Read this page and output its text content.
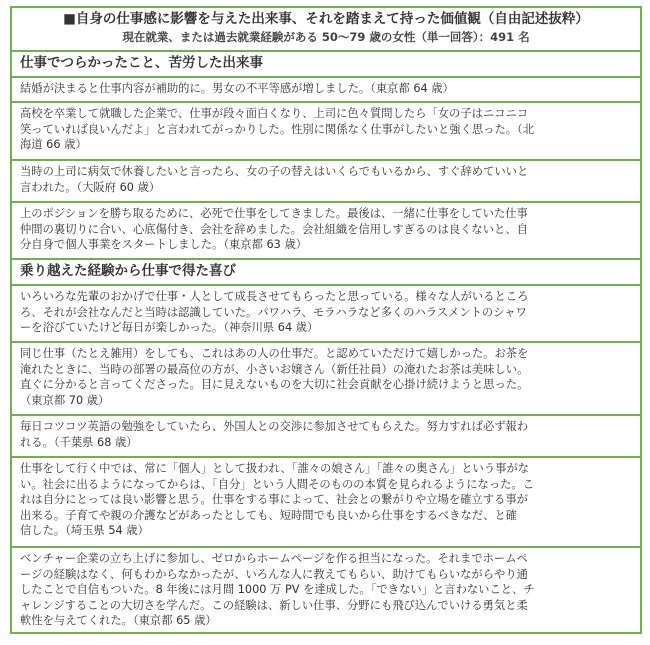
■自身の仕事感に影響を与えた出来事、それを踏まえて持った価値観（自由記述抜粋）
現在就業、または過去就業経験がある 50〜79 歳の女性（単一回答）：491 名
仕事でつらかったこと、苦労した出来事
結婚が決まると仕事内容が補助的に。男女の不平等感が増しました。（東京都 64 歳）
高校を卒業して就職した企業で、仕事が段々面白くなり、上司に色々質問したら「女の子はニコニコ
笑っていれば良いんだよ」と言われてがっかりした。性別に関係なく仕事がしたいと強く思った。（北
海道 66 歳）
当時の上司に病気で休養したいと言ったら、女の子の替えはいくらでもいるから、すぐ辞めていいと
言われた。（大阪府 60 歳）
上のポジションを勝ち取るために、必死で仕事をしてきました。最後は、一緒に仕事をしていた仕事
仲間の裏切りに合い、心底傷付き、会社を辞めました。会社組織を信用しすぎるのは良くないと、自
分自身で個人事業をスタートしました。（東京都 63 歳）
乗り越えた経験から仕事で得た喜び
いろいろな先輩のおかげで仕事・人として成長させてもらったと思っている。様々な人がいるところ
ろ、それが会社なんだと当時は認識していた。パワハラ、モラハラなど多くのハラスメントのシャワ
ーを浴びていたけど毎日が楽しかった。（神奈川県 64 歳）
同じ仕事（たとえ雑用）をしても、これはあの人の仕事だ。と認めていただけて嬉しかった。お茶を
淹れたときに、当時の部署の最高位の方が、小さいお嬢さん（新任社員）の淹れたお茶は美味しい。
直ぐに分かると言ってくださった。目に見えないものを大切に社会貢献を心掛け続けようと思った。
（東京都 70 歳）
毎日コツコツ英語の勉強をしていたら、外国人との交渉に参加させてもらえた。努力すれば必ず報わ
れる。（千葉県 68 歳）
仕事をして行く中では、常に「個人」として扱われ、「誰々の娘さん」「誰々の奥さん」という事がな
い。社会に出るようになってからは、「自分」という人間そのものの本質を見られるようになった。こ
れは自分にとっては良い影響と思う。仕事をする事によって、社会との繋がりや立場を確立する事が
出来る。子育てや親の介護などがあったとしても、短時間でも良いから仕事をするべきなだ、と確
信した。（埼玉県 54 歳）
ベンチャー企業の立ち上げに参加し、ゼロからホームページを作る担当になった。それまでホームペ
ージの経験はなく、何もわからなかったが、いろんな人に教えてもらい、助けてもらいながらやり通
したことで自信もついた。8 年後には月間 1000 万 PV を達成した。「できない」と言わないこと、チ
ャレンジすることの大切さを学んだ。この経験は、新しい仕事、分野にも飛び込んでいける勇気と柔
軟性を与えてくれた。（東京都 65 歳）
